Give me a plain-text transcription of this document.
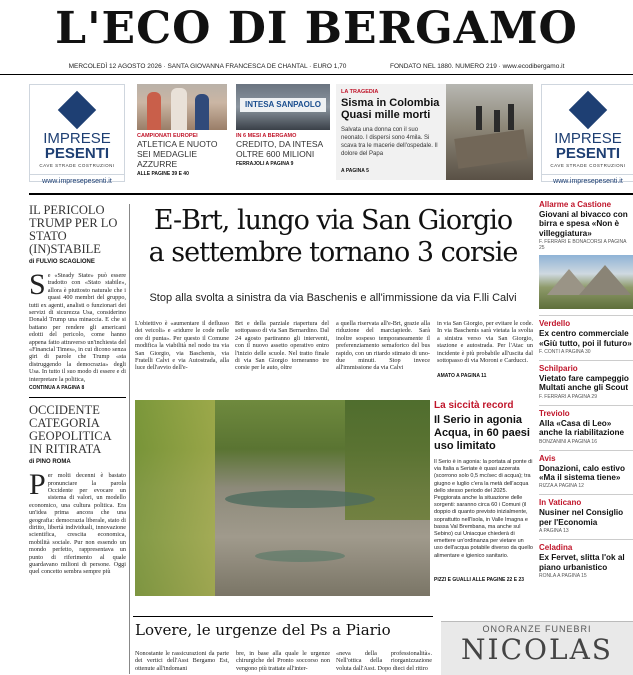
L'ECO DI BERGAMO
MERCOLEDÌ 12 AGOSTO 2026 · SANTA GIOVANNA FRANCESCA DE CHANTAL · EURO 1,70	FONDATO NEL 1880. NUMERO 219 · www.ecodibergamo.it
IMPRESE
PESENTI
CAVE STRADE COSTRUZIONI
www.impresepesenti.it
IMPRESE
PESENTI
CAVE STRADE COSTRUZIONI
www.impresepesenti.it
CAMPIONATI EUROPEI
ATLETICA E NUOTO SEI MEDAGLIE AZZURRE
ALLE PAGINE 39 E 40
INTESA SANPAOLO
IN 6 MESI A BERGAMO
CREDITO, DA INTESA OLTRE 600 MILIONI
FERRAJOLI A PAGINA 9
LA TRAGEDIA
Sisma in Colombia
Quasi mille morti
Salvata una donna con il suo neonato. I dispersi sono 4mila. Si scava tra le macerie dell'ospedale. Il dolore del Papa
A PAGINA 5
IL PERICOLO TRUMP PER LO STATO (IN)STABILE
di FULVIO SCAGLIONE
S e «Steady State» può essere tradotto con «Stato stabile», allora è piuttosto naturale che i quasi 400 membri del gruppo, tutti ex agenti, analisti o funzionari dei servizi di sicurezza Usa, considerino Donald Trump una minaccia. E che si battano per rendere gli americani edotti del pericolo, come hanno appena fatto attraverso un'inchiesta del «Financial Times», in cui dicono senza giri di parole che Trump «sta distruggendo la democrazia» degli Usa. In tutto il suo modo di essere e di interpretare la politica,
CONTINUA A PAGINA 8
OCCIDENTE CATEGORIA GEOPOLITICA IN RITIRATA
di PINO ROMA
P er molti decenni è bastato pronunciare la parola Occidente per evocare un sistema di valori, un modello economico, una cultura politica. Era un'idea prima ancora che una geografia: democrazia liberale, stato di diritto, libertà individuali, innovazione scientifica, crescita economica, mobilità sociale. Pur non essendo un mondo perfetto, rappresentava un punto di riferimento al quale guardavano milioni di persone. Oggi quel concetto sembra sempre più
E-Brt, lungo via San Giorgio
a settembre tornano 3 corsie
Stop alla svolta a sinistra da via Baschenis e all'immissione da via F.lli Calvi
L'obiettivo è «aumentare il deflusso dei veicoli» e «ridurre le code nelle ore di punta». Per questo il Comune modifica la viabilità nel nodo tra via San Giorgio, via Baschenis, via Fratelli Calvi e via Autostrada, alla luce dell'avvio dell'e-
Brt e della parziale riapertura del sottopasso di via San Bernardino. Dal 24 agosto partiranno gli interventi, con il nuovo assetto operativo entro l'inizio delle scuole. Nel tratto finale di via San Giorgio torneranno tre corsie per le auto, oltre
a quella riservata all'e-Brt, grazie alla riduzione del marciapiede. Sarà inoltre sospeso temporaneamente il preferenziamento semaforico del bus rapido, con un ritardo stimato di uno-due minuti. Stop invece all'immissione da via Calvi
in via San Giorgio, per evitare le code. In via Baschenis sarà vietata la svolta a sinistra verso via San Giorgio, stazione e autostrada. Per l'Atac un incidente è più probabile all'uscita dal sottopasso di via Moroni e Carducci.
AMATO A PAGINA 11
La siccità record
Il Serio in agonia Acqua, in 60 paesi uso limitato
Il Serio è in agonia: la portata al ponte di via Italia a Seriate è quasi azzerata (scorrono solo 0,5 mc/sec di acqua); tra giugno e luglio c'era la metà dell'acqua dello stesso periodo del 2025. Peggiorata anche la situazione delle sorgenti: saranno circa 60 i Comuni (il doppio di quanto previsto inizialmente, soprattutto nell'Isola, in Valle Imagna e bassa Val Brembana, ma anche sul Sebino) cui Uniacque chiederà di emettere un'ordinanza per vietare un uso dell'acqua potabile diverso da quello alimentare e igienico sanitario.
PIZZI E GUALLI ALLE PAGINE 22 E 23
Lovere, le urgenze del Ps a Piario
Nonostante le rassicurazioni da parte dei vertici dell'Asst Bergamo Est, ottenute all'indomani
bre, in base alla quale le urgenze chirurgiche del Pronto soccorso non vengono più trattate all'inter-
«neva della professionalità». Nell'ottica della riorganizzazione voluta dall'Asst. Dopo dieci del ritiro
ONORANZE FUNEBRI
NICOLAS
Allarme a Castione
Giovani al bivacco con birra e spesa «Non è villeggiatura»
F. FERRARI E BONACORSI A PAGINA 25
Verdello
Ex centro commerciale «Giù tutto, poi il futuro»
F. CONTI A PAGINA 30
Schilpario
Vietato fare campeggio Multati anche gli Scout
F. FERRARI A PAGINA 29
Treviolo
Alla «Casa di Leo» anche la riabilitazione
BONZANINI A PAGINA 16
Avis
Donazioni, calo estivo «Ma il sistema tiene»
RIZZA A PAGINA 12
In Vaticano
Nusiner nel Consiglio per l'Economia
A PAGINA 13
Celadina
Ex Fervet, slitta l'ok al piano urbanistico
RONLA A PAGINA 15
